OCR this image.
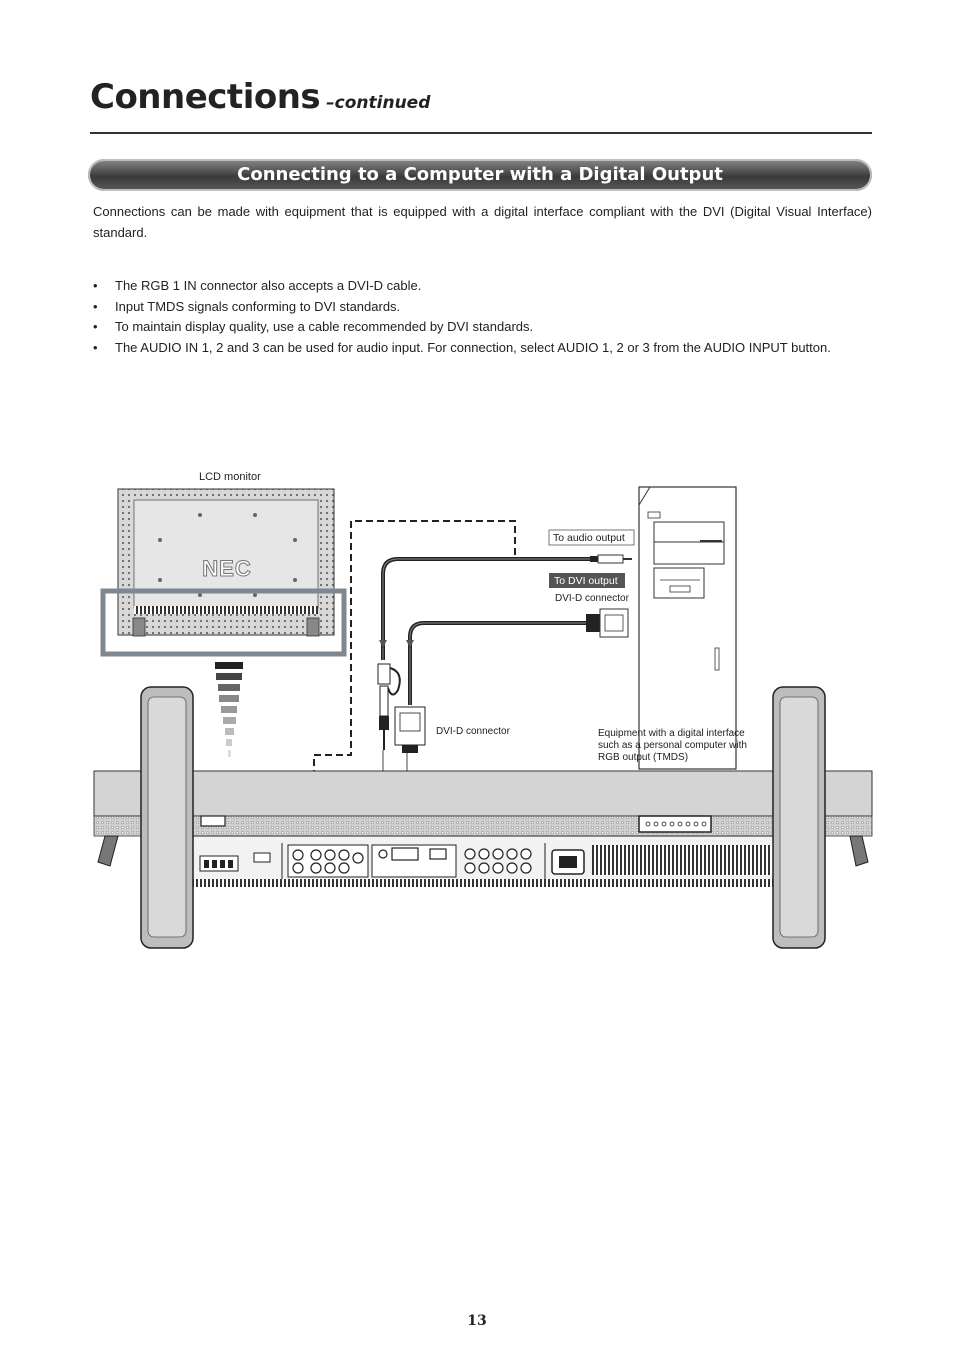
Connections –continued
Connecting to a Computer with a Digital Output
Connections can be made with equipment that is equipped with a digital interface compliant with the DVI (Digital Visual Interface) standard.
• The RGB 1 IN connector also accepts a DVI-D cable.
• Input TMDS signals conforming to DVI standards.
• To maintain display quality, use a cable recommended by DVI standards.
• The AUDIO IN 1, 2 and 3 can be used for audio input. For connection, select AUDIO 1, 2 or 3 from the AUDIO INPUT button.
LCD monitor
NEC
To audio output
To DVI output
DVI-D connector
Equipment with a digital interface
such as a personal computer with
RGB output (TMDS)
DVI-D connector
13
